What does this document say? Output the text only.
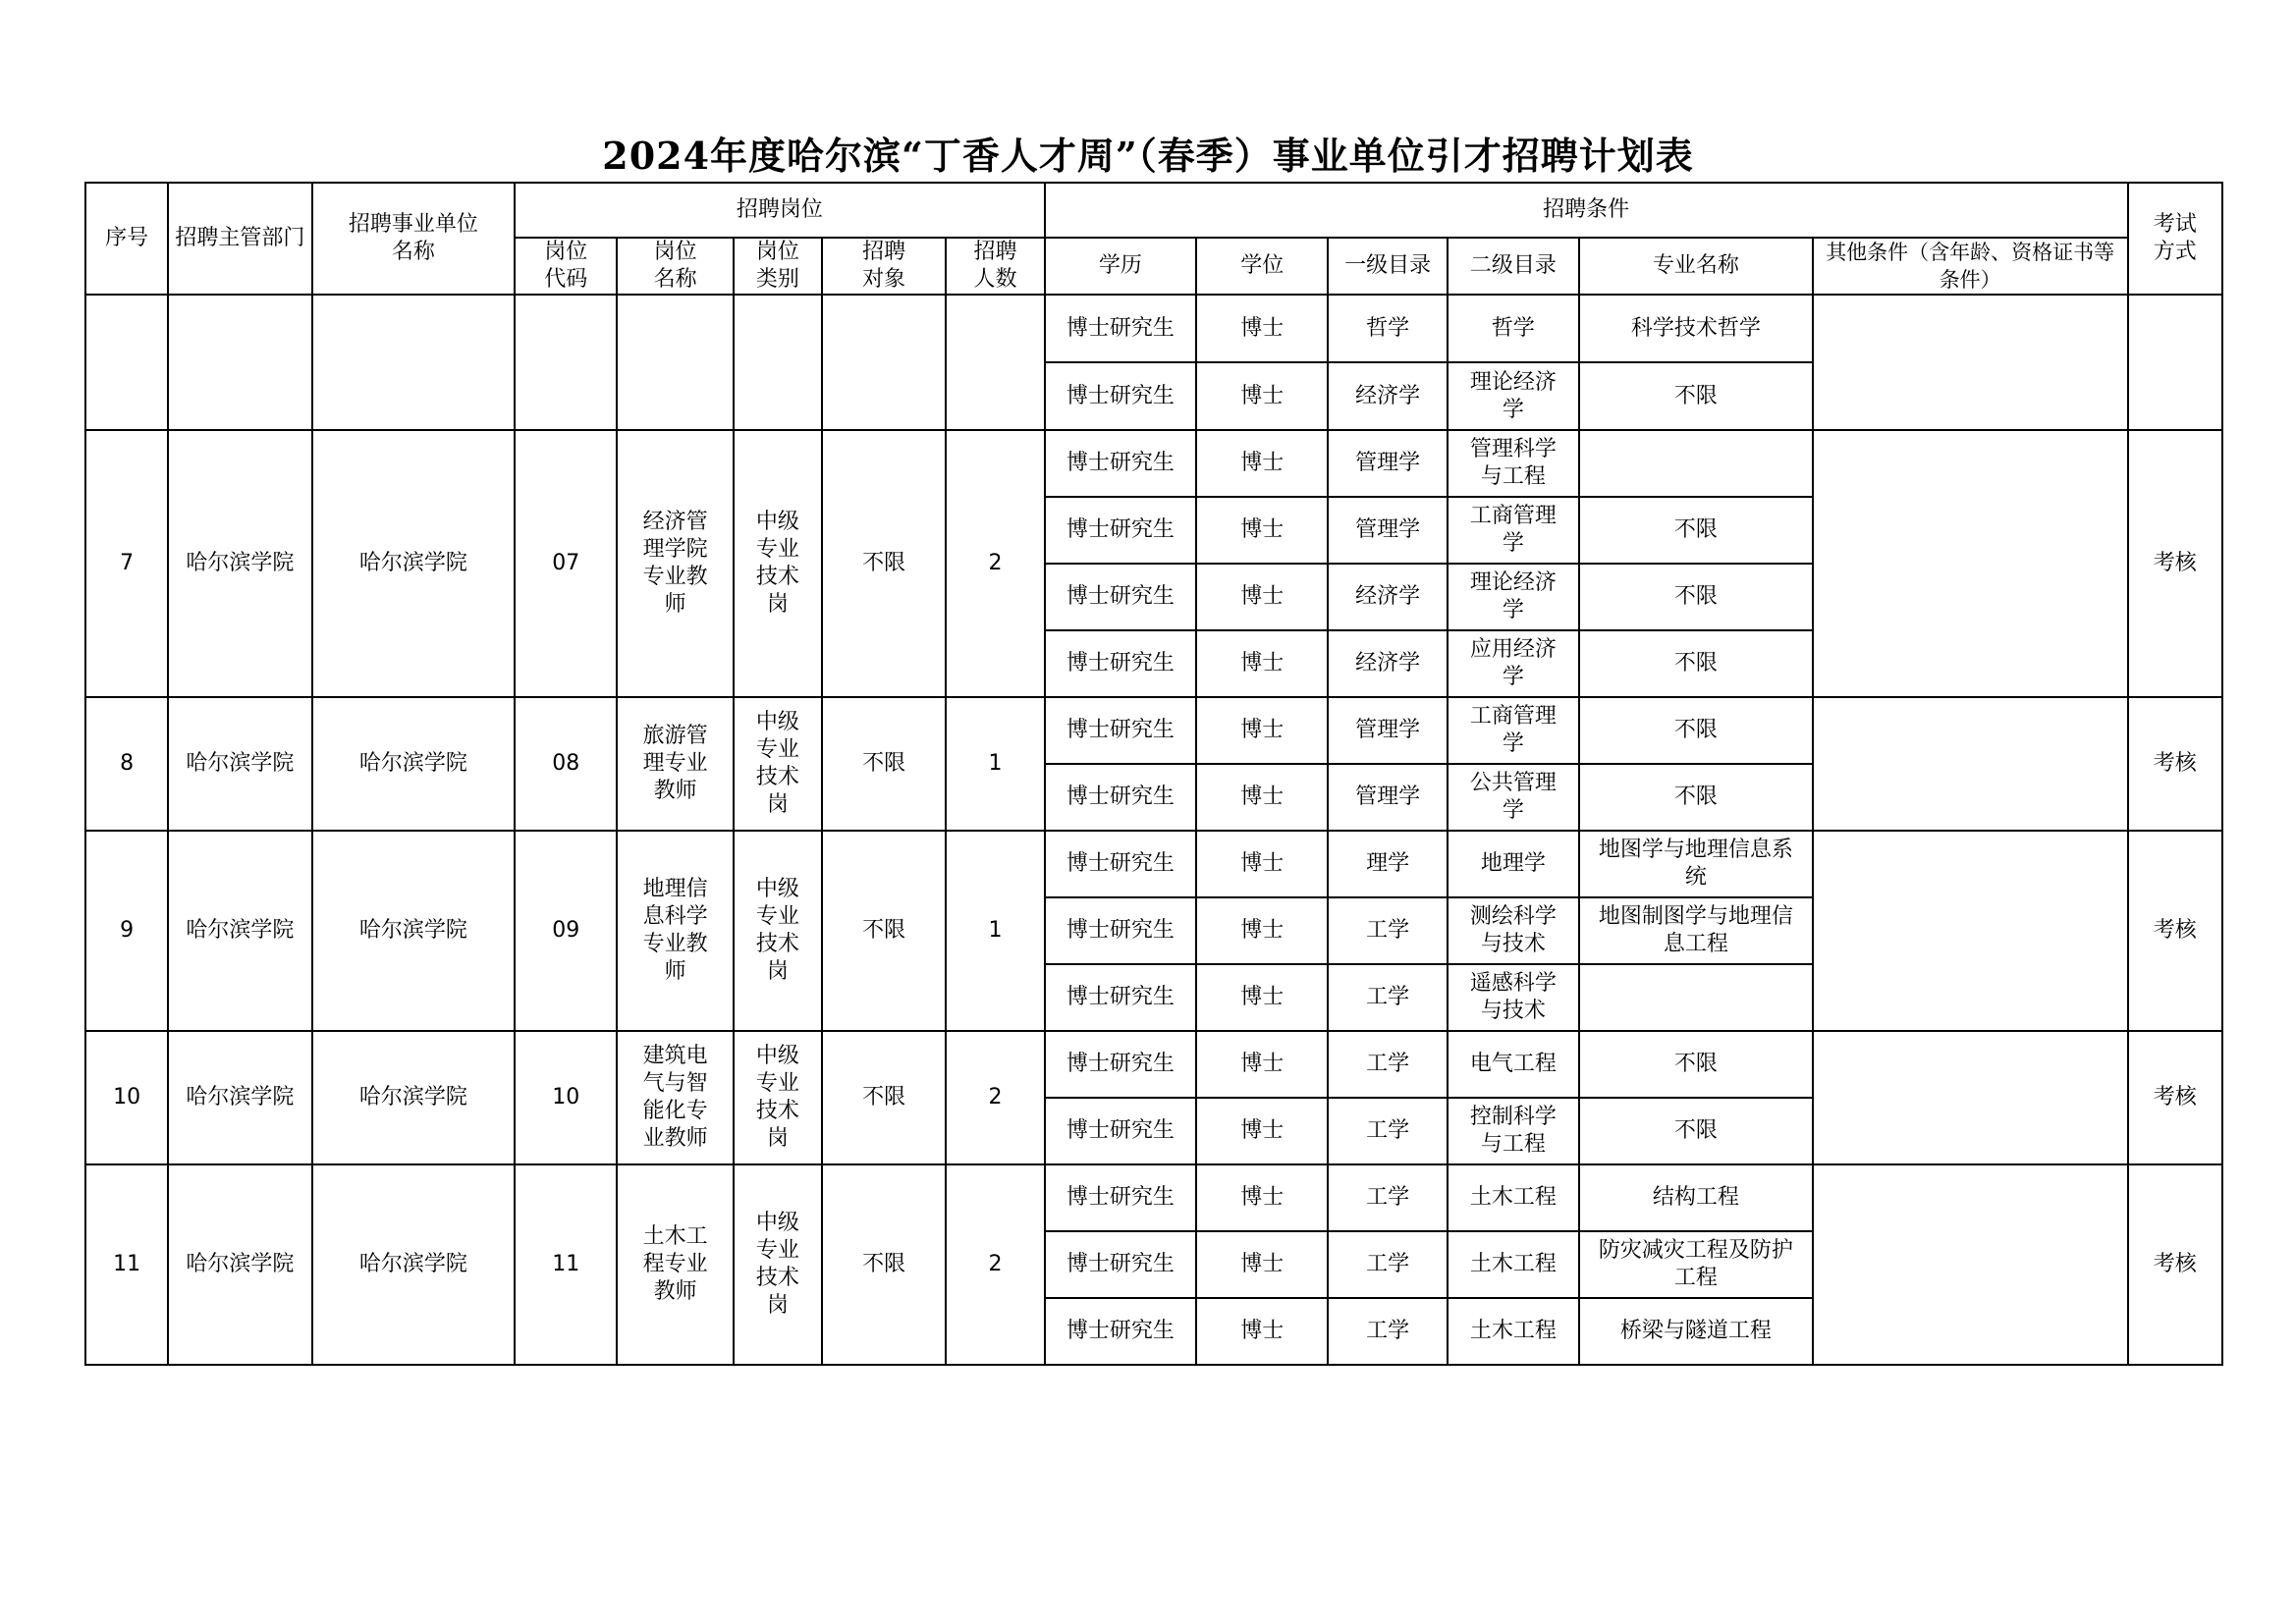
2024年度哈尔滨“丁香人才周”（春季）事业单位引才招聘计划表
序号	招聘主管部门	招聘事业单位名称	招聘岗位					招聘条件						考试方式
			岗位代码	岗位名称	岗位类别	招聘对象	招聘人数	学历	学位	一级目录	二级目录	专业名称	其他条件（含年龄、资格证书等条件）	
								博士研究生	博士	哲学	哲学	科学技术哲学		
								博士研究生	博士	经济学	理论经济学	不限		
7	哈尔滨学院	哈尔滨学院	07	经济管理学院专业教师	中级专业技术岗	不限	2	博士研究生	博士	管理学	管理科学与工程			考核
								博士研究生	博士	管理学	工商管理学	不限		
								博士研究生	博士	经济学	理论经济学	不限		
								博士研究生	博士	经济学	应用经济学	不限		
8	哈尔滨学院	哈尔滨学院	08	旅游管理专业教师	中级专业技术岗	不限	1	博士研究生	博士	管理学	工商管理学	不限		考核
								博士研究生	博士	管理学	公共管理学	不限		
9	哈尔滨学院	哈尔滨学院	09	地理信息科学专业教师	中级专业技术岗	不限	1	博士研究生	博士	理学	地理学	地图学与地理信息系统		考核
								博士研究生	博士	工学	测绘科学与技术	地图制图学与地理信息工程		
								博士研究生	博士	工学	遥感科学与技术			
10	哈尔滨学院	哈尔滨学院	10	建筑电气与智能化专业教师	中级专业技术岗	不限	2	博士研究生	博士	工学	电气工程	不限		考核
								博士研究生	博士	工学	控制科学与工程	不限		
11	哈尔滨学院	哈尔滨学院	11	土木工程专业教师	中级专业技术岗	不限	2	博士研究生	博士	工学	土木工程	结构工程		考核
								博士研究生	博士	工学	土木工程	防灾减灾工程及防护工程		
								博士研究生	博士	工学	土木工程	桥梁与隧道工程		
